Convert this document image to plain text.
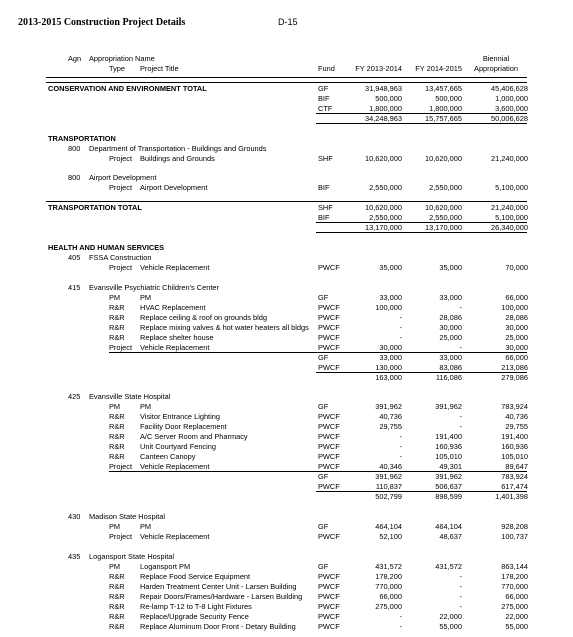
2013-2015 Construction Project Details	D-15
Agn Appropriation Name
Type Project Title	Fund	FY 2013-2014	FY 2014-2015
Biennial
Appropriation
CONSERVATION AND ENVIRONMENT TOTAL	GF	31,948,963	13,457,665	45,406,628
BIF	500,000	500,000	1,000,000
CTF	1,800,000	1,800,000	3,600,000
34,248,963	15,757,665	50,006,628
TRANSPORTATION
800 Department of Transportation - Buildings and Grounds
Project Buildings and Grounds	SHF	10,620,000	10,620,000	21,240,000
800 Airport Development
Project Airport Development	BIF	2,550,000	2,550,000	5,100,000
TRANSPORTATION TOTAL	SHF	10,620,000	10,620,000	21,240,000
BIF	2,550,000	2,550,000	5,100,000
13,170,000	13,170,000	26,340,000
HEALTH AND HUMAN SERVICES
405 FSSA Construction
Project Vehicle Replacement	PWCF	35,000	35,000	70,000
415 Evansville Psychiatric Children's Center
PM	PM	GF	33,000	33,000	66,000
R&R HVAC Replacement	PWCF	100,000	-	100,000
R&R Replace ceiling & roof on grounds bldg	PWCF	-	28,086	28,086
R&R Replace mixing valves & hot water heaters all bldgs PWCF	-	30,000	30,000
R&R Replace shelter house	PWCF	-	25,000	25,000
Project Vehicle Replacement	PWCF	30,000	-	30,000
GF	33,000	33,000	66,000
PWCF	130,000	83,086	213,086
163,000	116,086	279,086
425 Evansville State Hospital
PM	PM	GF	391,962	391,962	783,924
R&R Visitor Entrance Lighting	PWCF	40,736	-	40,736
R&R Facility Door Replacement	PWCF	29,755	-	29,755
R&R A/C Server Room and Pharmacy	PWCF	-	191,400	191,400
R&R Unit Courtyard Fencing	PWCF	-	160,936	160,936
R&R Canteen Canopy	PWCF	-	105,010	105,010
Project Vehicle Replacement	PWCF	40,346	49,301	89,647
GF	391,962	391,962	783,924
PWCF	110,837	506,637	617,474
502,799	898,599	1,401,398
430 Madison State Hospital
PM	PM	GF	464,104	464,104	928,208
Project Vehicle Replacement	PWCF	52,100	48,637	100,737
435 Logansport State Hospital
PM	Logansport PM	GF	431,572	431,572	863,144
R&R Replace Food Service Equipment	PWCF	178,200	-	178,200
R&R Harden Treatment Center Unit - Larsen Building	PWCF	770,000	-	770,000
R&R Repair Doors/Frames/Hardware - Larsen Building PWCF	66,000	-	66,000
R&R Re-lamp T-12 to T-8 Light Fixtures	PWCF	275,000	-	275,000
R&R Replace/Upgrade Security Fence	PWCF	-	22,000	22,000
R&R Replace Aluminum Door Front - Detary Building	PWCF	-	55,000	55,000
